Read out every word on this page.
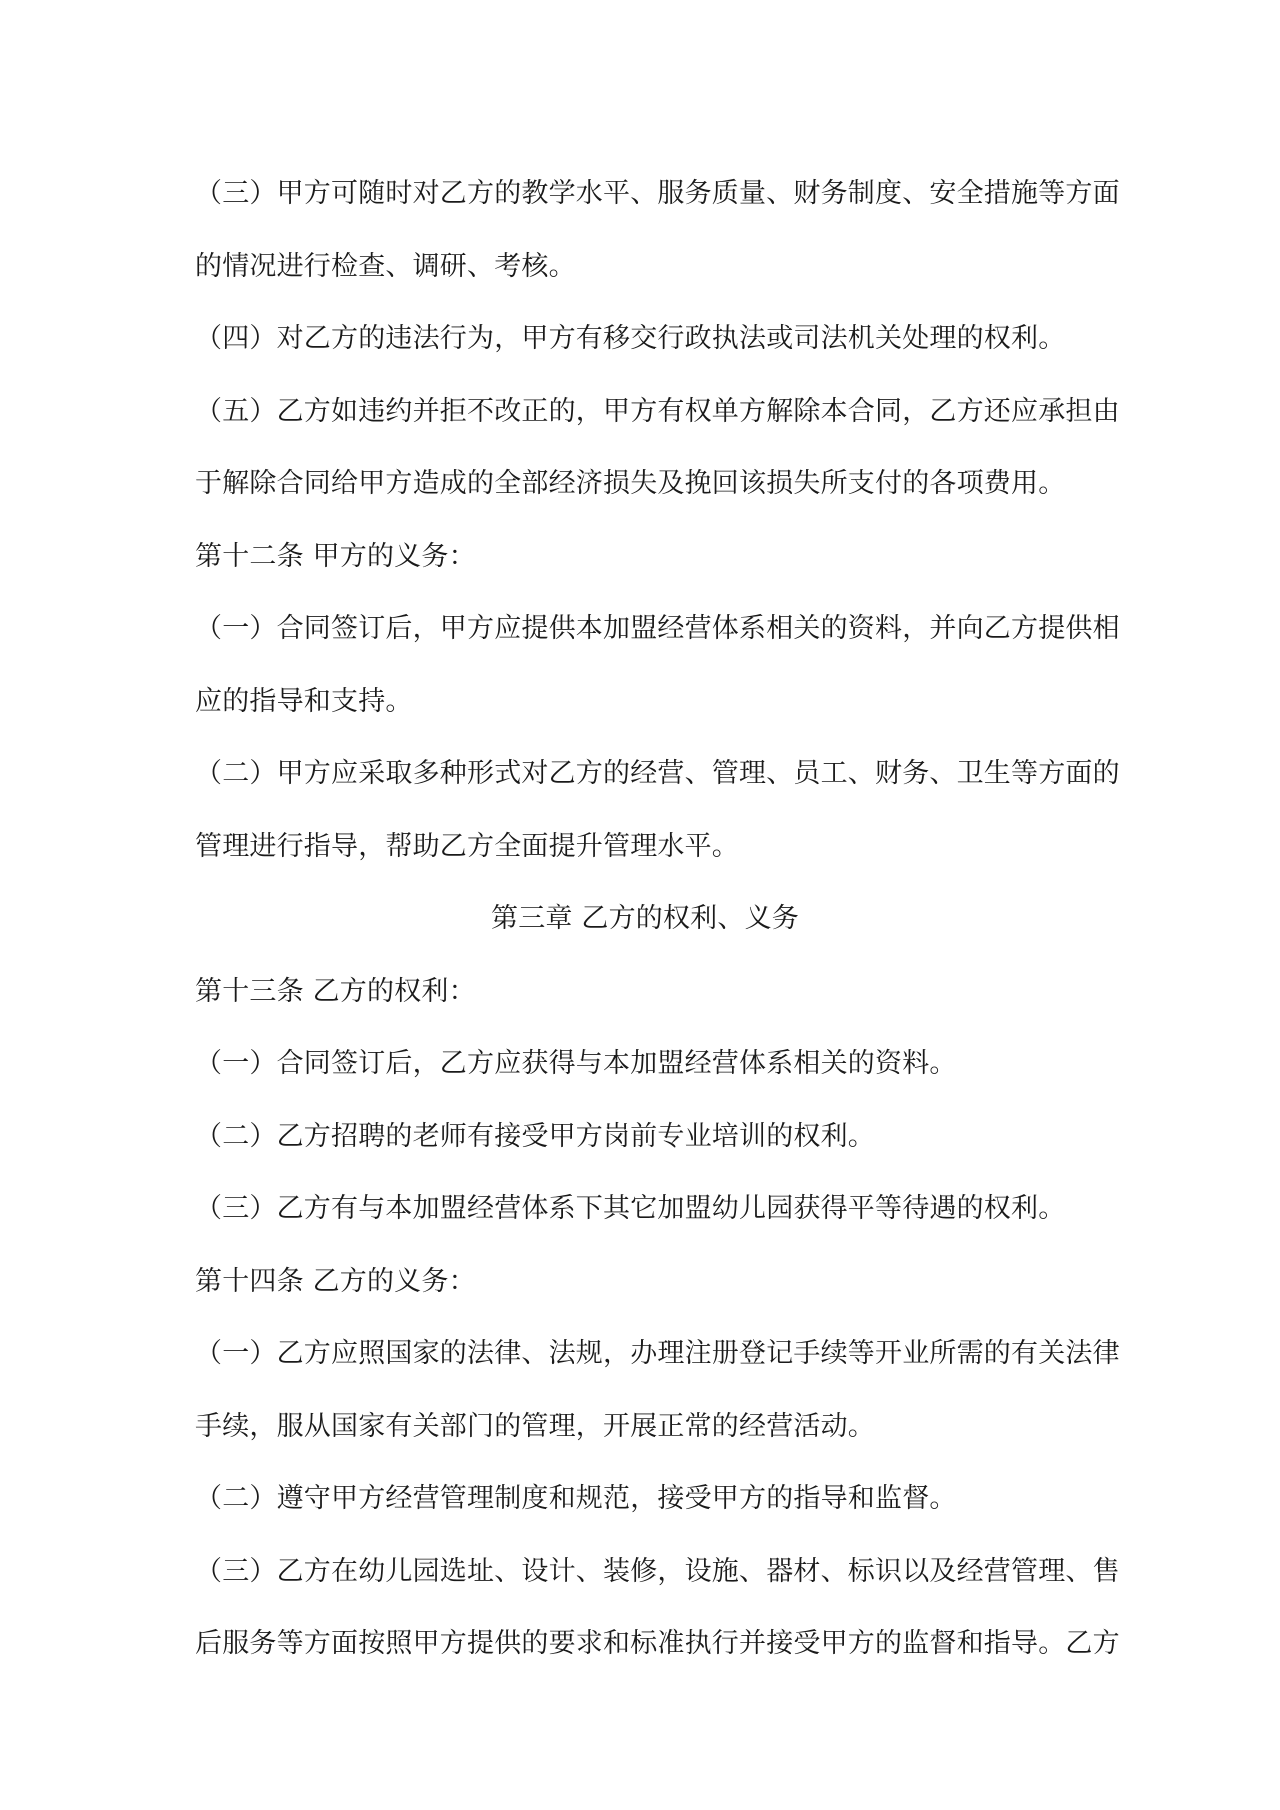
（三）甲方可随时对乙方的教学水平、服务质量、财务制度、安全措施等方面
的情况进行检查、调研、考核。
（四）对乙方的违法行为，甲方有移交行政执法或司法机关处理的权利。
（五）乙方如违约并拒不改正的，甲方有权单方解除本合同，乙方还应承担由
于解除合同给甲方造成的全部经济损失及挽回该损失所支付的各项费用。
第十二条 甲方的义务：
（一）合同签订后，甲方应提供本加盟经营体系相关的资料，并向乙方提供相
应的指导和支持。
（二）甲方应采取多种形式对乙方的经营、管理、员工、财务、卫生等方面的
管理进行指导，帮助乙方全面提升管理水平。
第三章 乙方的权利、义务
第十三条 乙方的权利：
（一）合同签订后，乙方应获得与本加盟经营体系相关的资料。
（二）乙方招聘的老师有接受甲方岗前专业培训的权利。
（三）乙方有与本加盟经营体系下其它加盟幼儿园获得平等待遇的权利。
第十四条 乙方的义务：
（一）乙方应照国家的法律、法规，办理注册登记手续等开业所需的有关法律
手续，服从国家有关部门的管理，开展正常的经营活动。
（二）遵守甲方经营管理制度和规范，接受甲方的指导和监督。
（三）乙方在幼儿园选址、设计、装修，设施、器材、标识以及经营管理、售
后服务等方面按照甲方提供的要求和标准执行并接受甲方的监督和指导。乙方
